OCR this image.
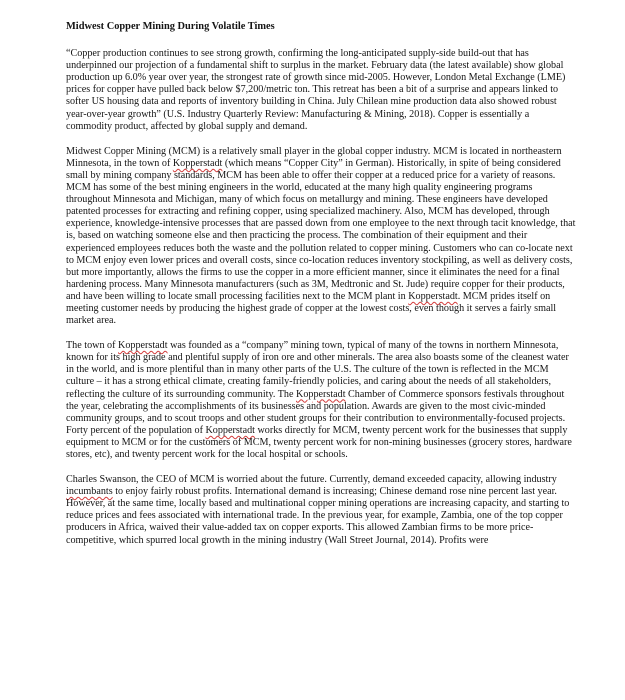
Midwest Copper Mining During Volatile Times

“Copper production continues to see strong growth, confirming the long-anticipated supply-side build-out that has underpinned our projection of a fundamental shift to surplus in the market. February data (the latest available) show global production up 6.0% year over year, the strongest rate of growth since mid-2005. However, London Metal Exchange (LME) prices for copper have pulled back below $7,200/metric ton. This retreat has been a bit of a surprise and appears linked to softer US housing data and reports of inventory building in China. July Chilean mine production data also showed robust year-over-year growth” (U.S. Industry Quarterly Review: Manufacturing & Mining, 2018). Copper is essentially a commodity product, affected by global supply and demand.

Midwest Copper Mining (MCM) is a relatively small player in the global copper industry. MCM is located in northeastern Minnesota, in the town of Kopperstadt (which means “Copper City” in German). Historically, in spite of being considered small by mining company standards, MCM has been able to offer their copper at a reduced price for a variety of reasons. MCM has some of the best mining engineers in the world, educated at the many high quality engineering programs throughout Minnesota and Michigan, many of which focus on metallurgy and mining. These engineers have developed patented processes for extracting and refining copper, using specialized machinery. Also, MCM has developed, through experience, knowledge-intensive processes that are passed down from one employee to the next through tacit knowledge, that is, based on watching someone else and then practicing the process. The combination of their equipment and their experienced employees reduces both the waste and the pollution related to copper mining. Customers who can co-locate next to MCM enjoy even lower prices and overall costs, since co-location reduces inventory stockpiling, as well as delivery costs, but more importantly, allows the firms to use the copper in a more efficient manner, since it eliminates the need for a final hardening process. Many Minnesota manufacturers (such as 3M, Medtronic and St. Jude) require copper for their products, and have been willing to locate small processing facilities next to the MCM plant in Kopperstadt. MCM prides itself on meeting customer needs by producing the highest grade of copper at the lowest costs, even though it serves a fairly small market area.

The town of Kopperstadt was founded as a “company” mining town, typical of many of the towns in northern Minnesota, known for its high grade and plentiful supply of iron ore and other minerals. The area also boasts some of the cleanest water in the world, and is more plentiful than in many other parts of the U.S. The culture of the town is reflected in the MCM culture – it has a strong ethical climate, creating family-friendly policies, and caring about the needs of all stakeholders, reflecting the culture of its surrounding community. The Kopperstadt Chamber of Commerce sponsors festivals throughout the year, celebrating the accomplishments of its businesses and population. Awards are given to the most civic-minded community groups, and to scout troops and other student groups for their contribution to environmentally-focused projects. Forty percent of the population of Kopperstadt works directly for MCM, twenty percent work for the businesses that supply equipment to MCM or for the customers of MCM, twenty percent work for non-mining businesses (grocery stores, hardware stores, etc), and twenty percent work for the local hospital or schools.

Charles Swanson, the CEO of MCM is worried about the future. Currently, demand exceeded capacity, allowing industry incumbants to enjoy fairly robust profits. International demand is increasing; Chinese demand rose nine percent last year. However, at the same time, locally based and multinational copper mining operations are increasing capacity, and starting to reduce prices and fees associated with international trade. In the previous year, for example, Zambia, one of the top copper producers in Africa, waived their value-added tax on copper exports. This allowed Zambian firms to be more price-competitive, which spurred local growth in the mining industry (Wall Street Journal, 2014). Profits were
